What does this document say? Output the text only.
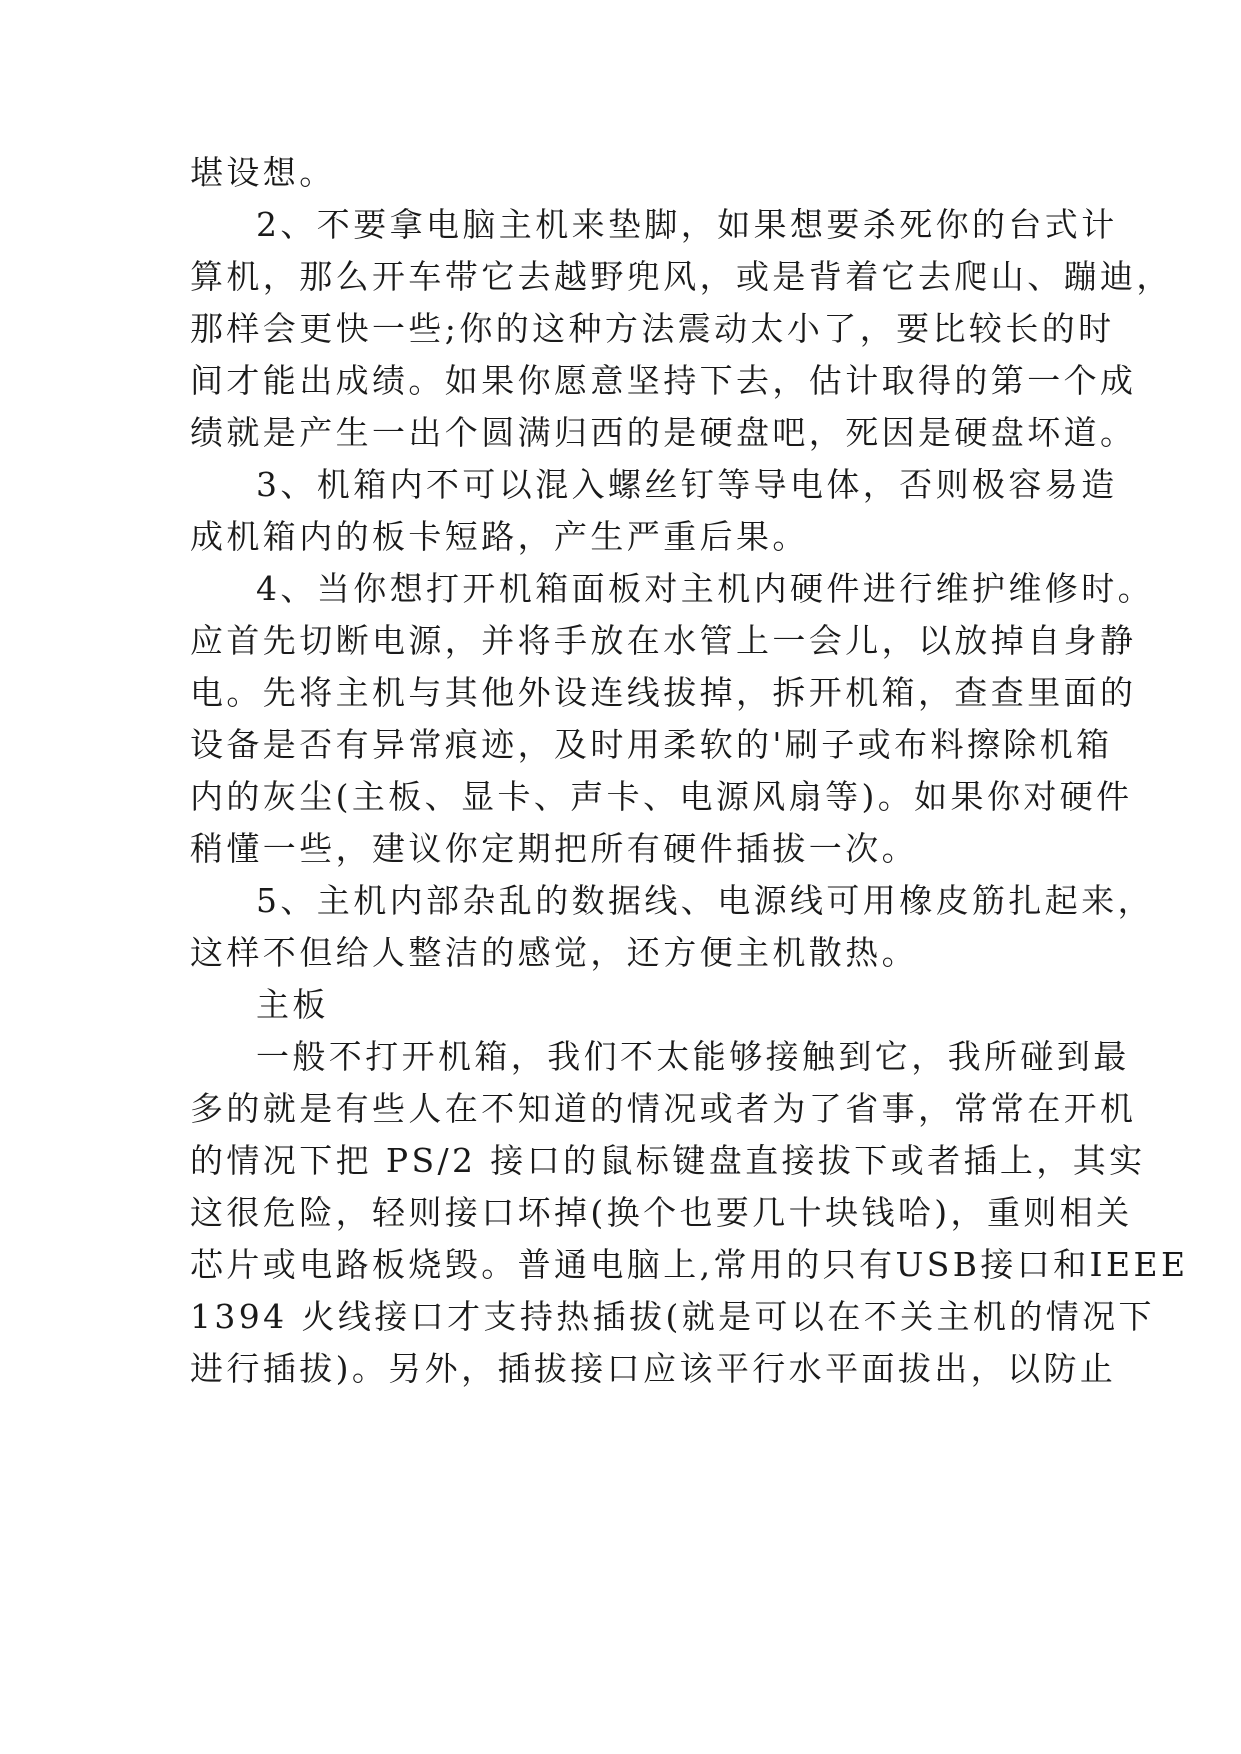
堪设想。
2、不要拿电脑主机来垫脚，如果想要杀死你的台式计
算机，那么开车带它去越野兜风，或是背着它去爬山、蹦迪，
那样会更快一些;你的这种方法震动太小了，要比较长的时
间才能出成绩。如果你愿意坚持下去，估计取得的第一个成
绩就是产生一出个圆满归西的是硬盘吧，死因是硬盘坏道。
3、机箱内不可以混入螺丝钉等导电体，否则极容易造
成机箱内的板卡短路，产生严重后果。
4、当你想打开机箱面板对主机内硬件进行维护维修时。
应首先切断电源，并将手放在水管上一会儿，以放掉自身静
电。先将主机与其他外设连线拔掉，拆开机箱，查查里面的
设备是否有异常痕迹，及时用柔软的'刷子或布料擦除机箱
内的灰尘(主板、显卡、声卡、电源风扇等)。如果你对硬件
稍懂一些，建议你定期把所有硬件插拔一次。
5、主机内部杂乱的数据线、电源线可用橡皮筋扎起来，
这样不但给人整洁的感觉，还方便主机散热。
主板
一般不打开机箱，我们不太能够接触到它，我所碰到最
多的就是有些人在不知道的情况或者为了省事，常常在开机
的情况下把 PS/2 接口的鼠标键盘直接拔下或者插上，其实
这很危险，轻则接口坏掉(换个也要几十块钱哈)，重则相关
芯片或电路板烧毁。普通电脑上,常用的只有USB接口和IEEE
1394 火线接口才支持热插拔(就是可以在不关主机的情况下
进行插拔)。另外，插拔接口应该平行水平面拔出，以防止
